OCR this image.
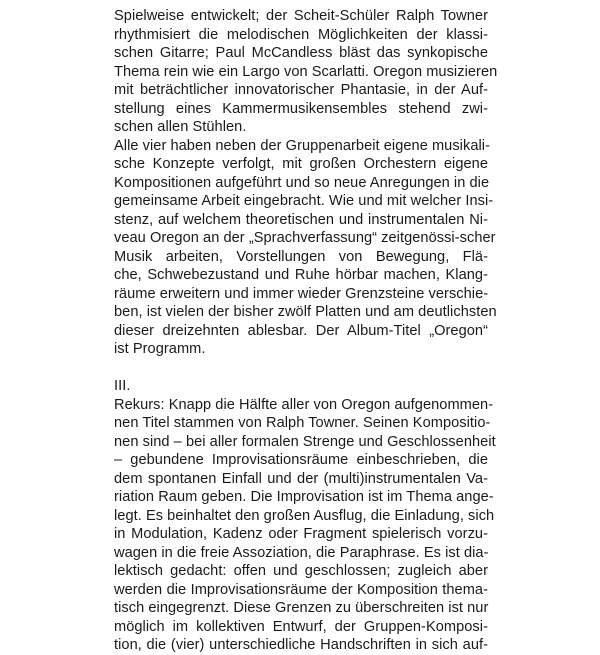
Spielweise entwickelt; der Scheit-Schüler Ralph Towner
rhythmisiert die melodischen Möglichkeiten der klassi-
schen Gitarre; Paul McCandless bläst das synkopische
Thema rein wie ein Largo von Scarlatti. Oregon musizieren
mit beträchtlicher innovatorischer Phantasie, in der Auf-
stellung eines Kammermusikensembles stehend zwi-
schen allen Stühlen.
Alle vier haben neben der Gruppenarbeit eigene musikali-
sche Konzepte verfolgt, mit großen Orchestern eigene
Kompositionen aufgeführt und so neue Anregungen in die
gemeinsame Arbeit eingebracht. Wie und mit welcher Insi-
stenz, auf welchem theoretischen und instrumentalen Ni-
veau Oregon an der „Sprachverfassung“ zeitgenössi-scher
Musik arbeiten, Vorstellungen von Bewegung, Flä-
che, Schwebezustand und Ruhe hörbar machen, Klang-
räume erweitern und immer wieder Grenzsteine verschie-
ben, ist vielen der bisher zwölf Platten und am deutlichsten
dieser dreizehnten ablesbar. Der Album-Titel „Oregon“
ist Programm.
III.
Rekurs: Knapp die Hälfte aller von Oregon aufgenommen-
nen Titel stammen von Ralph Towner. Seinen Kompositio-
nen sind – bei aller formalen Strenge und Geschlossenheit
– gebundene Improvisationsräume einbeschrieben, die
dem spontanen Einfall und der (multi)instrumentalen Va-
riation Raum geben. Die Improvisation ist im Thema ange-
legt. Es beinhaltet den großen Ausflug, die Einladung, sich
in Modulation, Kadenz oder Fragment spielerisch vorzu-
wagen in die freie Assoziation, die Paraphrase. Es ist dia-
lektisch gedacht: offen und geschlossen; zugleich aber
werden die Improvisationsräume der Komposition thema-
tisch eingegrenzt. Diese Grenzen zu überschreiten ist nur
möglich im kollektiven Entwurf, der Gruppen-Komposi-
tion, die (vier) unterschiedliche Handschriften in sich auf-
